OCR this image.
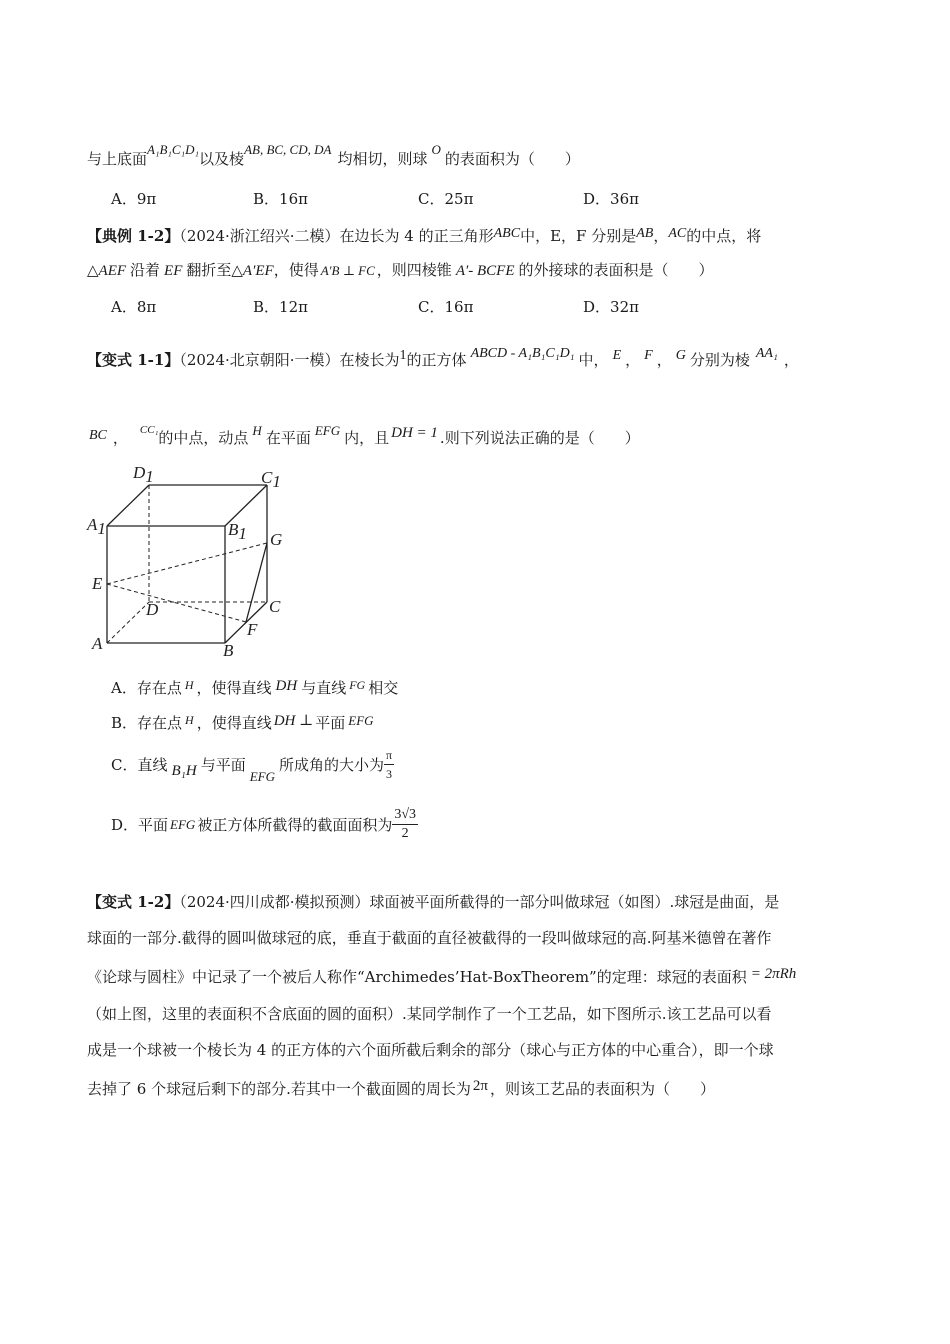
与上底面A₁B₁C₁D₁以及棱AB, BC, CD, DA均相切，则球O的表面积为（　　）
A．9π	B．16π	C．25π	D．36π
【典例 1-2】（2024·浙江绍兴·二模）在边长为 4 的正三角形ABC中，E，F 分别是AB，AC的中点，将
△AEF 沿着 EF 翻折至△A′EF，使得 A′B ⊥ FC ，则四棱锥 A′- BCFE 的外接球的表面积是（　　）
A．8π	B．12π	C．16π	D．32π
【变式 1-1】（2024·北京朝阳·一模）在棱长为1的正方体 ABCD - A₁B₁C₁D₁ 中， E ， F ， G 分别为棱 AA₁ ，
BC ， $^{CC_1}$的中点，动点 H 在平面 EFG 内，且 DH = 1 .则下列说法正确的是（　　）
D1	C1
A1	B1 G
E
D	C
F
A	B
A．存在点 $^H$ ，使得直线 DH 与直线 $^{FG}$ 相交
B．存在点 $^H$ ，使得直线 DH ⊥ 平面 EFG
C．直线 B₁H 与平面EFG所成角的大小为 $\frac{\pi}{3}$
D．平面 EFG 被正方体所截得的截面面积为 $\frac{3√3}{2}$
【变式 1-2】（2024·四川成都·模拟预测）球面被平面所截得的一部分叫做球冠（如图）.球冠是曲面，是
球面的一部分.截得的圆叫做球冠的底，垂直于截面的直径被截得的一段叫做球冠的高.阿基米德曾在著作
《论球与圆柱》中记录了一个被后人称作“Archimedes’Hat-BoxTheorem”的定理：球冠的表面积 = 2πRh
（如上图，这里的表面积不含底面的圆的面积）.某同学制作了一个工艺品，如下图所示.该工艺品可以看
成是一个球被一个棱长为 4 的正方体的六个面所截后剩余的部分（球心与正方体的中心重合），即一个球
去掉了 6 个球冠后剩下的部分.若其中一个截面圆的周长为 2π ，则该工艺品的表面积为（　　）
